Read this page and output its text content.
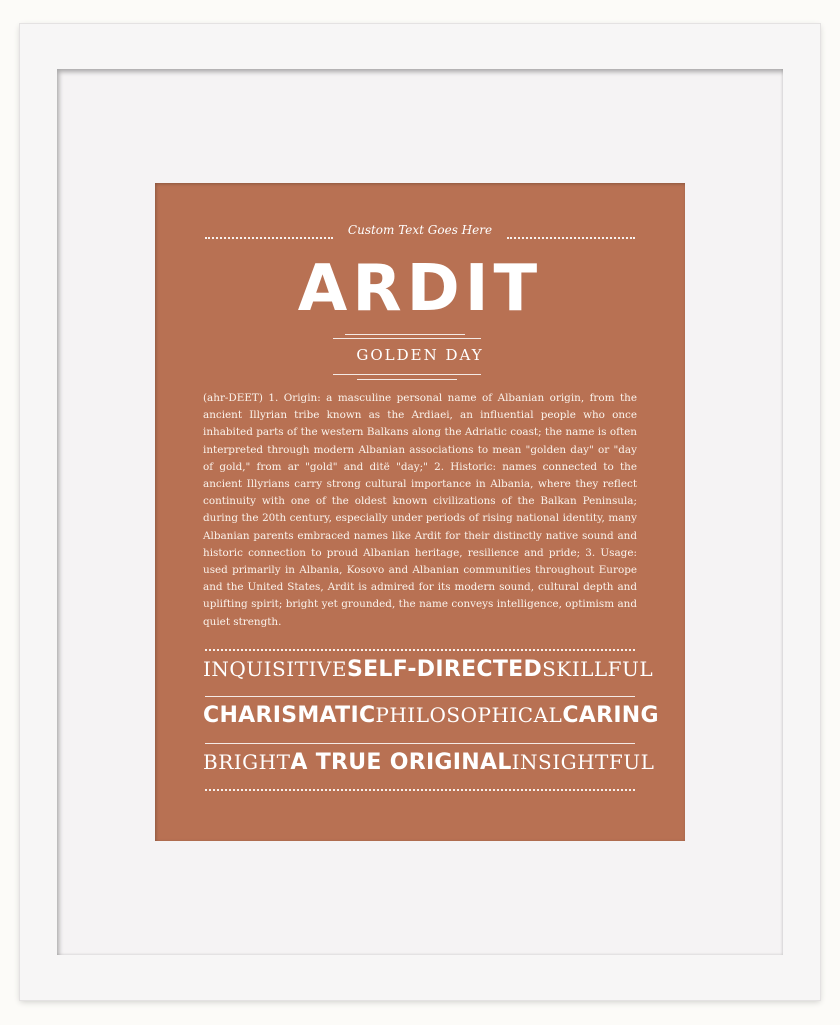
Custom Text Goes Here
ARDIT
GOLDEN DAY
(ahr-DEET) 1. Origin: a masculine personal name of Albanian origin, from the ancient Illyrian tribe known as the Ardiaei, an influential people who once inhabited parts of the western Balkans along the Adriatic coast; the name is often interpreted through modern Albanian associations to mean "golden day" or "day of gold," from ar "gold" and ditë "day;" 2. Historic: names connected to the ancient Illyrians carry strong cultural importance in Albania, where they reflect continuity with one of the oldest known civilizations of the Balkan Peninsula; during the 20th century, especially under periods of rising national identity, many Albanian parents embraced names like Ardit for their distinctly native sound and historic connection to proud Albanian heritage, resilience and pride; 3. Usage: used primarily in Albania, Kosovo and Albanian communities throughout Europe and the United States, Ardit is admired for its modern sound, cultural depth and uplifting spirit; bright yet grounded, the name conveys intelligence, optimism and quiet strength.
INQUISITIVE SELF-DIRECTED SKILLFUL
CHARISMATIC PHILOSOPHICAL CARING
BRIGHT A TRUE ORIGINAL INSIGHTFUL
